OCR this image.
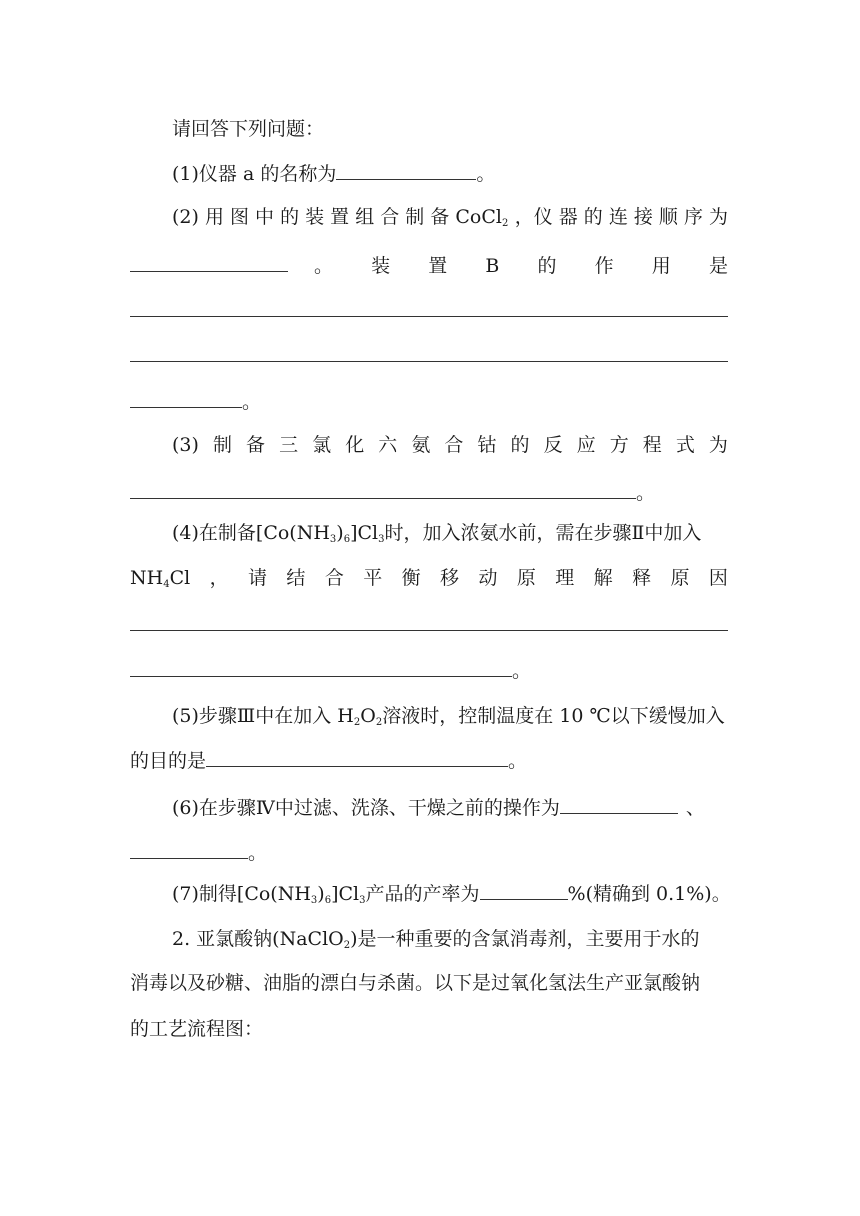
请回答下列问题：
(1)仪器 a 的名称为	。
(2) 用 图 中 的 装 置 组 合 制 备 CoCl$_2$ ，仪 器 的 连 接 顺 序 为
。 装 置 B 的 作 用 是
。
(3) 制 备 三 氯 化 六 氨 合 钴 的 反 应 方 程 式 为
。
(4)在制备$[Co(NH_3)_6]Cl_3$时，加入浓氨水前，需在步骤Ⅱ中加入
$NH_4Cl$ ， 请 结 合 平 衡 移 动 原 理 解 释 原 因
。
(5)步骤Ⅲ中在加入 $H_2O_2$溶液时，控制温度在 10 ℃以下缓慢加入
的目的是	。
(6)在步骤Ⅳ中过滤、洗涤、干燥之前的操作为	、
。
(7)制得$[Co(NH_3)_6]Cl_3$产品的产率为	%(精确到 0.1%)。
2. 亚氯酸钠(NaClO$_2$)是一种重要的含氯消毒剂，主要用于水的
消毒以及砂糖、油脂的漂白与杀菌。以下是过氧化氢法生产亚氯酸钠
的工艺流程图：
